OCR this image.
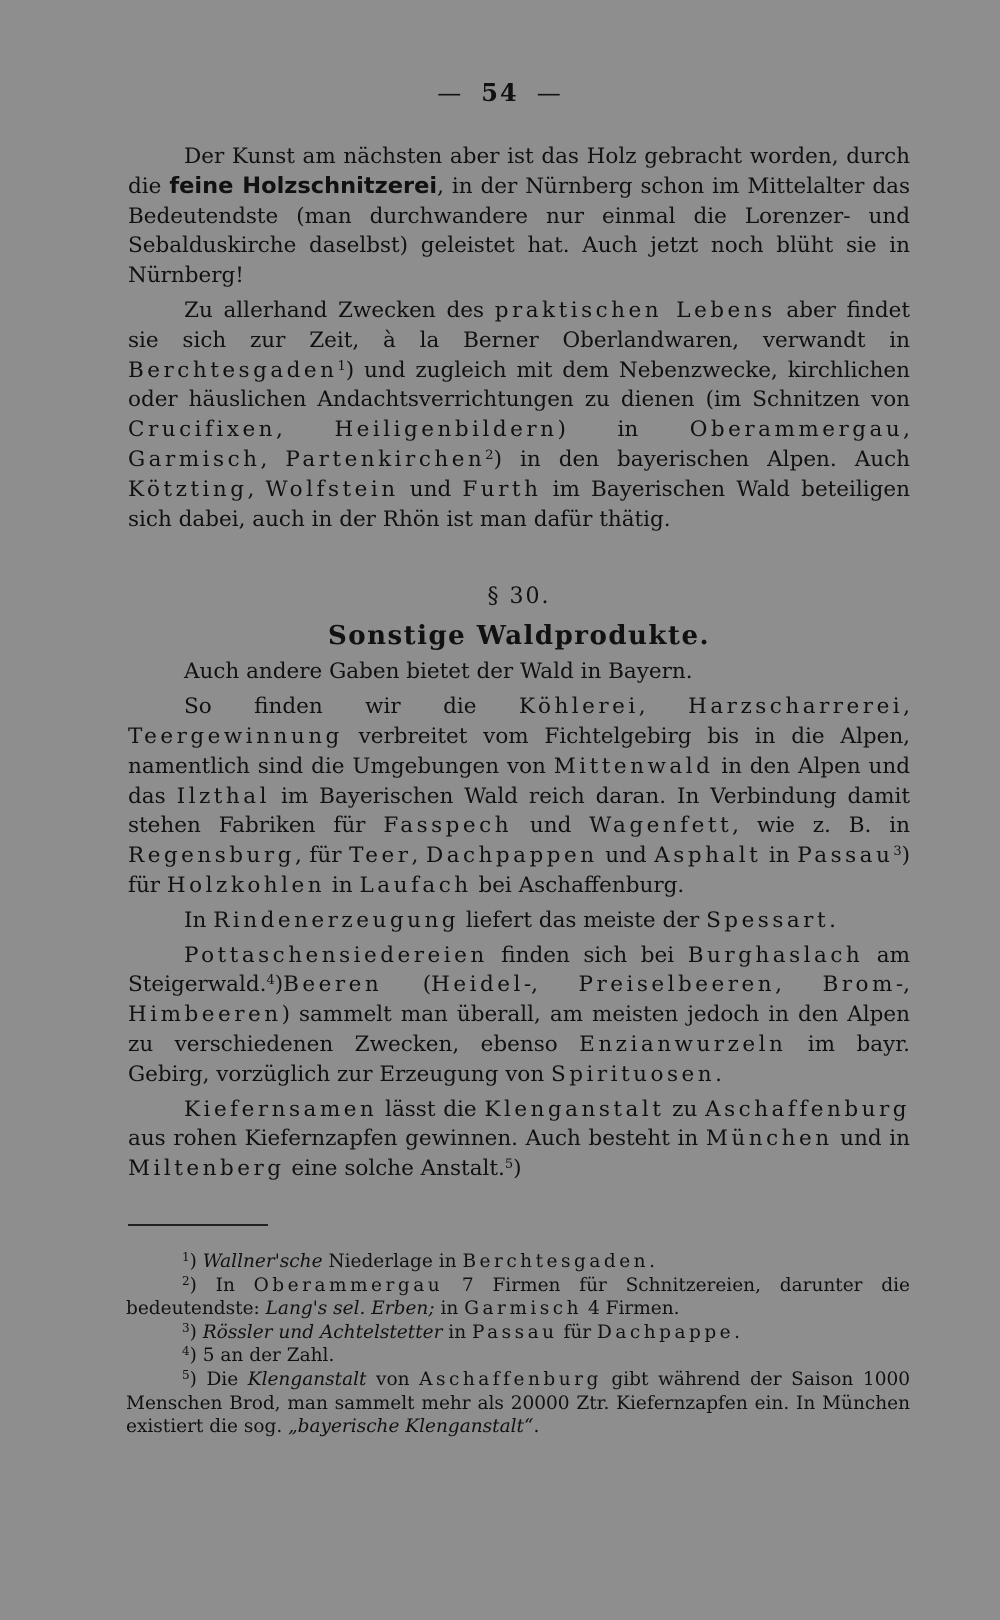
— 54 —

Der Kunst am nächsten aber ist das Holz gebracht worden, durch die feine Holzschnitzerei, in der Nürnberg schon im Mittelalter das Bedeutendste (man durchwandere nur einmal die Lorenzer- und Sebalduskirche daselbst) geleistet hat. Auch jetzt noch blüht sie in Nürnberg!

Zu allerhand Zwecken des praktischen Lebens aber findet sie sich zur Zeit, à la Berner Oberlandwaren, verwandt in Berchtesgaden$^1$) und zugleich mit dem Nebenzwecke, kirchlichen oder häuslichen Andachtsverrichtungen zu dienen (im Schnitzen von Crucifixen, Heiligenbildern) in Oberammergau, Garmisch, Partenkirchen$^2$) in den bayerischen Alpen. Auch Kötzting, Wolfstein und Furth im Bayerischen Wald beteiligen sich dabei, auch in der Rhön ist man dafür thätig.

§ 30.
Sonstige Waldprodukte.

Auch andere Gaben bietet der Wald in Bayern.

So finden wir die Köhlerei, Harzscharrerei, Teergewinnung verbreitet vom Fichtelgebirg bis in die Alpen, namentlich sind die Umgebungen von Mittenwald in den Alpen und das Ilzthal im Bayerischen Wald reich daran. In Verbindung damit stehen Fabriken für Fasspech und Wagenfett, wie z. B. in Regensburg, für Teer, Dachpappen und Asphalt in Passau$^3$) für Holzkohlen in Laufach bei Aschaffenburg.

In Rindenerzeugung liefert das meiste der Spessart.

Pottaschensiedereien finden sich bei Burghaslach am Steigerwald.$^4$)Beeren (Heidel-, Preiselbeeren, Brom-, Himbeeren) sammelt man überall, am meisten jedoch in den Alpen zu verschiedenen Zwecken, ebenso Enzianwurzeln im bayr. Gebirg, vorzüglich zur Erzeugung von Spirituosen.

Kiefernsamen lässt die Klenganstalt zu Aschaffenburg aus rohen Kiefernzapfen gewinnen. Auch besteht in München und in Miltenberg eine solche Anstalt.$^5$)

$^1$) Wallner'sche Niederlage in Berchtesgaden.

$^2$) In Oberammergau 7 Firmen für Schnitzereien, darunter die bedeutendste: Lang's sel. Erben; in Garmisch 4 Firmen.

$^3$) Rössler und Achtelstetter in Passau für Dachpappe.

$^4$) 5 an der Zahl.

$^5$) Die Klenganstalt von Aschaffenburg gibt während der Saison 1000 Menschen Brod, man sammelt mehr als 20000 Ztr. Kiefernzapfen ein. In München existiert die sog. „bayerische Klenganstalt“.
